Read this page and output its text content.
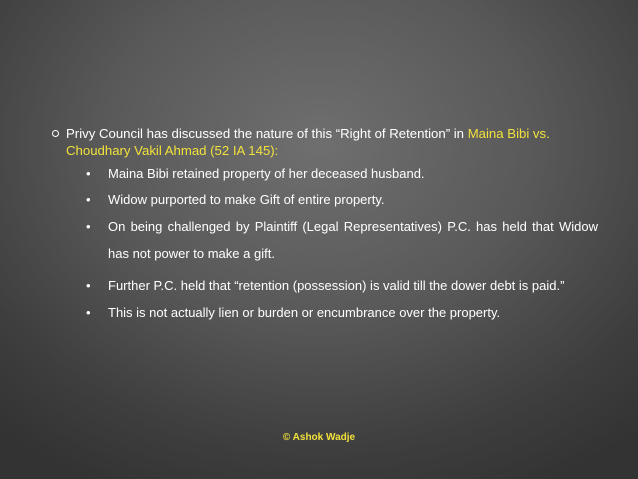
Privy Council has discussed the nature of this “Right of Retention” in Maina Bibi vs. Choudhary Vakil Ahmad (52 IA 145):
•
Maina Bibi retained property of her deceased husband.
•
Widow purported to make Gift of entire property.
•
On being challenged by Plaintiff (Legal Representatives) P.C. has held that Widow has not power to make a gift.
•
Further P.C. held that “retention (possession) is valid till the dower debt is paid.”
•
This is not actually lien or burden or encumbrance over the property.
© Ashok Wadje
